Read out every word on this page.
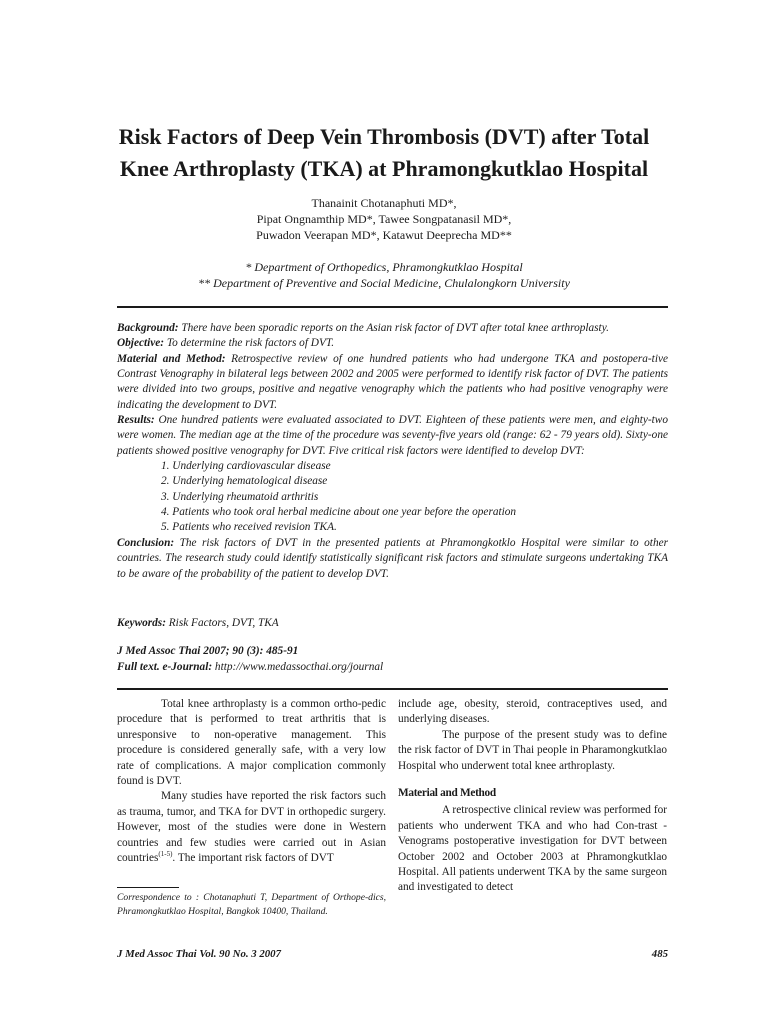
Risk Factors of Deep Vein Thrombosis (DVT) after Total
Knee Arthroplasty (TKA) at Phramongkutklao Hospital
Thanainit Chotanaphuti MD*,
Pipat Ongnamthip MD*, Tawee Songpatanasil MD*,
Puwadon Veerapan MD*, Katawut Deeprecha MD**
* Department of Orthopedics, Phramongkutklao Hospital
** Department of Preventive and Social Medicine, Chulalongkorn University

Background: There have been sporadic reports on the Asian risk factor of DVT after total knee arthroplasty.

Objective: To determine the risk factors of DVT.

Material and Method: Retrospective review of one hundred patients who had undergone TKA and postopera-tive Contrast Venography in bilateral legs between 2002 and 2005 were performed to identify risk factor of DVT. The patients were divided into two groups, positive and negative venography which the patients who had positive venography were indicating the development to DVT.

Results: One hundred patients were evaluated associated to DVT. Eighteen of these patients were men, and eighty-two were women. The median age at the time of the procedure was seventy-five years old (range: 62 - 79 years old). Sixty-one patients showed positive venography for DVT. Five critical risk factors were identified to develop DVT:

1. Underlying cardiovascular disease
2. Underlying hematological disease
3. Underlying rheumatoid arthritis
4. Patients who took oral herbal medicine about one year before the operation
5. Patients who received revision TKA.

Conclusion: The risk factors of DVT in the presented patients at Phramongkotklo Hospital were similar to other countries. The research study could identify statistically significant risk factors and stimulate surgeons undertaking TKA to be aware of the probability of the patient to develop DVT.

Keywords: Risk Factors, DVT, TKA
J Med Assoc Thai 2007; 90 (3): 485-91
Full text. e-Journal: http://www.medassocthai.org/journal

Total knee arthroplasty is a common ortho-pedic procedure that is performed to treat arthritis that is unresponsive to non-operative management. This procedure is considered generally safe, with a very low rate of complications. A major complication commonly found is DVT.

Many studies have reported the risk factors such as trauma, tumor, and TKA for DVT in orthopedic surgery. However, most of the studies were done in Western countries and few studies were carried out in Asian countries$^{(1-5)}$. The important risk factors of DVT

include age, obesity, steroid, contraceptives used, and underlying diseases.

The purpose of the present study was to define the risk factor of DVT in Thai people in Pharamongkutklao Hospital who underwent total knee arthroplasty.

Material and Method

A retrospective clinical review was performed for patients who underwent TKA and who had Con-trast - Venograms postoperative investigation for DVT between October 2002 and October 2003 at Phramongkutklao Hospital. All patients underwent TKA by the same surgeon and investigated to detect

Correspondence to : Chotanaphuti T, Department of Orthope-dics, Phramongkutklao Hospital, Bangkok 10400, Thailand.
J Med Assoc Thai Vol. 90 No. 3 2007	485
